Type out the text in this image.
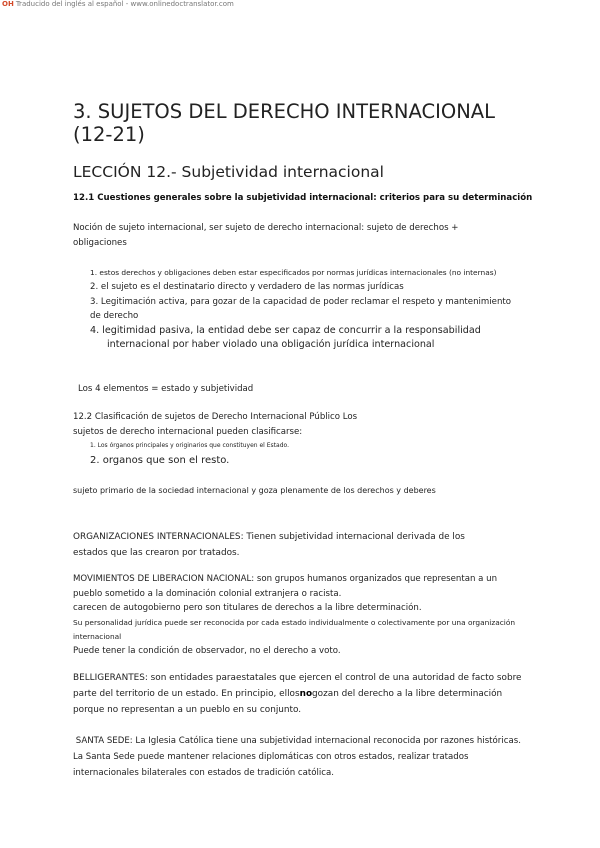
OH Traducido del inglés al español - www.onlinedoctranslator.com
3. SUJETOS DEL DERECHO INTERNACIONAL (12-21)
LECCIÓN 12.- Subjetividad internacional
12.1 Cuestiones generales sobre la subjetividad internacional: criterios para su determinación
Noción de sujeto internacional, ser sujeto de derecho internacional: sujeto de derechos + obligaciones
1. estos derechos y obligaciones deben estar especificados por normas jurídicas internacionales (no internas)
2. el sujeto es el destinatario directo y verdadero de las normas jurídicas
3. Legitimación activa, para gozar de la capacidad de poder reclamar el respeto y mantenimiento de derecho
4. legitimidad pasiva, la entidad debe ser capaz de concurrir a la responsabilidad
internacional por haber violado una obligación jurídica internacional
Los 4 elementos = estado y subjetividad
12.2 Clasificación de sujetos de Derecho Internacional Público Los sujetos de derecho internacional pueden clasificarse:
1. Los órganos principales y originarios que constituyen el Estado.
2. organos que son el resto.
sujeto primario de la sociedad internacional y goza plenamente de los derechos y deberes
ORGANIZACIONES INTERNACIONALES: Tienen subjetividad internacional derivada de los estados que las crearon por tratados.
MOVIMIENTOS DE LIBERACION NACIONAL: son grupos humanos organizados que representan a un pueblo sometido a la dominación colonial extranjera o racista.
carecen de autogobierno pero son titulares de derechos a la libre determinación.
Su personalidad jurídica puede ser reconocida por cada estado individualmente o colectivamente por una organización internacional
Puede tener la condición de observador, no el derecho a voto.
BELLIGERANTES: son entidades paraestatales que ejercen el control de una autoridad de facto sobre parte del territorio de un estado. En principio, ellosnogozan del derecho a la libre determinación porque no representan a un pueblo en su conjunto.
SANTA SEDE: La Iglesia Católica tiene una subjetividad internacional reconocida por razones históricas. La Santa Sede puede mantener relaciones diplomáticas con otros estados, realizar tratados internacionales bilaterales con estados de tradición católica.
